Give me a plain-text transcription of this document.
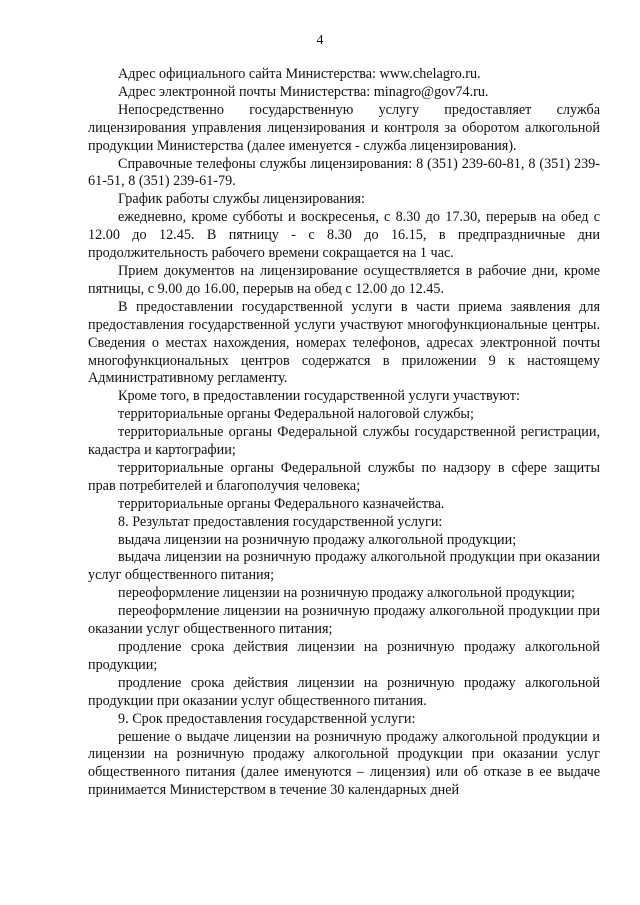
4

Адрес официального сайта Министерства: www.chelagro.ru.

Адрес электронной почты Министерства: minagro@gov74.ru.

Непосредственно государственную услугу предоставляет служба лицензирования управления лицензирования и контроля за оборотом алкогольной продукции Министерства (далее именуется - служба лицензирования).

Справочные телефоны службы лицензирования: 8 (351) 239-60-81, 8 (351) 239-61-51, 8 (351) 239-61-79.

График работы службы лицензирования:

ежедневно, кроме субботы и воскресенья, с 8.30 до 17.30, перерыв на обед с 12.00 до 12.45. В пятницу - с 8.30 до 16.15, в предпраздничные дни продолжительность рабочего времени сокращается на 1 час.

Прием документов на лицензирование осуществляется в рабочие дни, кроме пятницы, с 9.00 до 16.00, перерыв на обед с 12.00 до 12.45.

В предоставлении государственной услуги в части приема заявления для предоставления государственной услуги участвуют многофункциональные центры. Сведения о местах нахождения, номерах телефонов, адресах электронной почты многофункциональных центров содержатся в приложении 9 к настоящему Административному регламенту.

Кроме того, в предоставлении государственной услуги участвуют:

территориальные органы Федеральной налоговой службы;

территориальные органы Федеральной службы государственной регистрации, кадастра и картографии;

территориальные органы Федеральной службы по надзору в сфере защиты прав потребителей и благополучия человека;

территориальные органы Федерального казначейства.

8. Результат предоставления государственной услуги:

выдача лицензии на розничную продажу алкогольной продукции;

выдача лицензии на розничную продажу алкогольной продукции при оказании услуг общественного питания;

переоформление лицензии на розничную продажу алкогольной продукции;

переоформление лицензии на розничную продажу алкогольной продукции при оказании услуг общественного питания;

продление срока действия лицензии на розничную продажу алкогольной продукции;

продление срока действия лицензии на розничную продажу алкогольной продукции при оказании услуг общественного питания.

9. Срок предоставления государственной услуги:

решение о выдаче лицензии на розничную продажу алкогольной продукции и лицензии на розничную продажу алкогольной продукции при оказании услуг общественного питания (далее именуются – лицензия) или об отказе в ее выдаче принимается Министерством в течение 30 календарных дней
